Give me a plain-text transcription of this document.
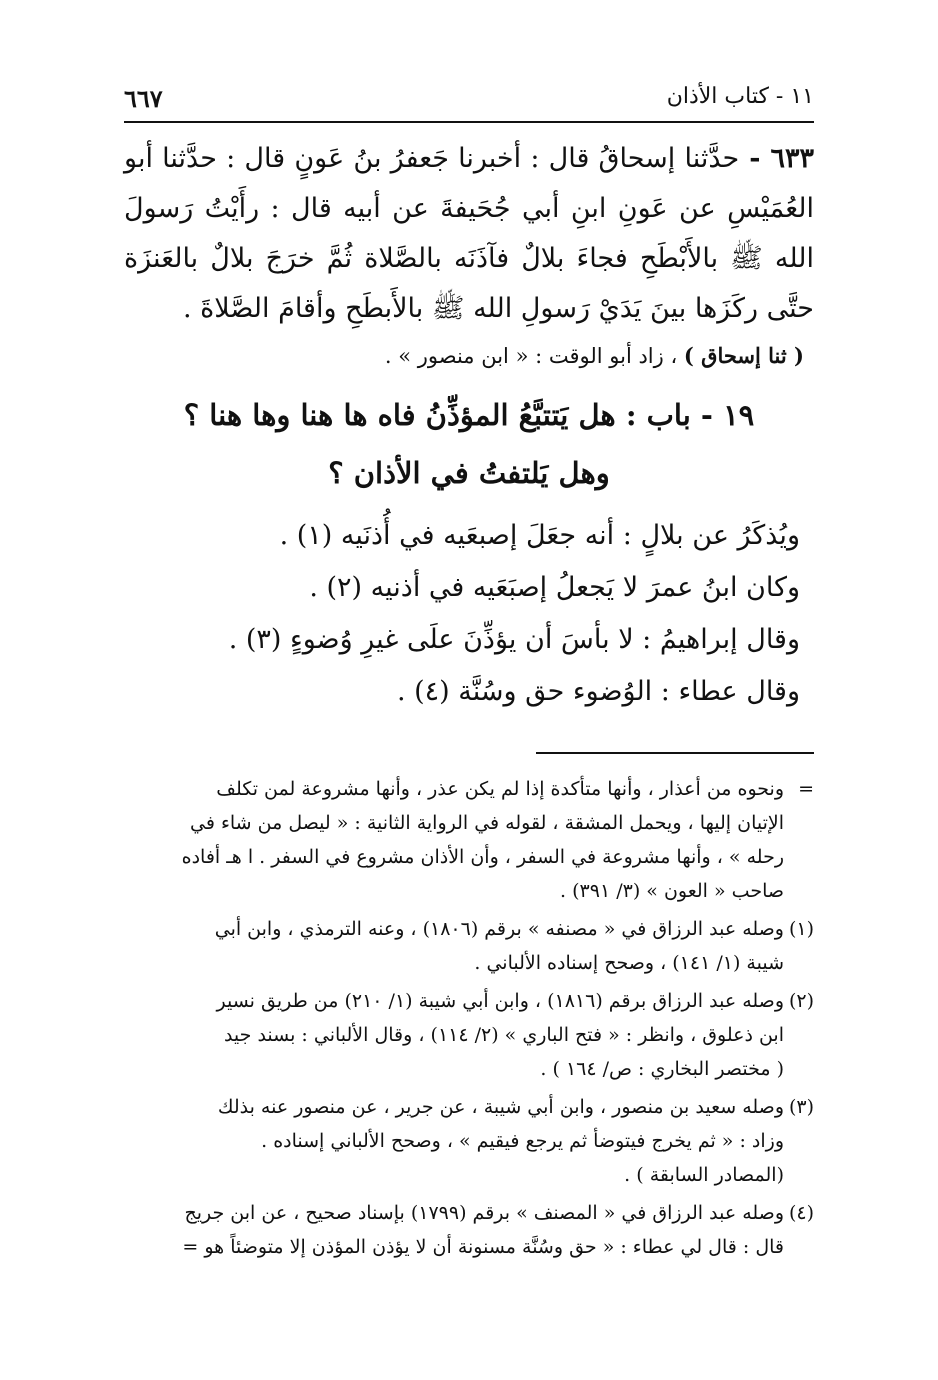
١١ - كتاب الأذان
٦٦٧

٦٣٣ - حدَّثنا إسحاقُ قال : أخبرنا جَعفرُ بنُ عَونٍ قال : حدَّثنا أبو العُمَيْسِ عن عَونِ ابنِ أبي جُحَيفةَ عن أبيه قال : رأَيْتُ رَسولَ الله ﷺ بالأَبْطَحِ فجاءَ بلالٌ فآذَنَه بالصَّلاة ثُمَّ خرَجَ بلالٌ بالعَنزَة حتَّى ركَزَها بينَ يَدَيْ رَسولِ الله ﷺ بالأَبطَحِ وأقامَ الصَّلاةَ .

( ثنا إسحاق ) ، زاد أبو الوقت : « ابن منصور » .

١٩ - باب : هل يَتتبَّعُ المؤذِّنُ فاه ها هنا وها هنا ؟

وهل يَلتفتُ في الأذان ؟

ويُذكَرُ عن بلالٍ : أنه جعَلَ إصبعَيه في أُذنَيه (١) .

وكان ابنُ عمرَ لا يَجعلُ إصبَعَيه في أذنيه (٢) .

وقال إبراهيمُ : لا بأسَ أن يؤذِّنَ علَى غيرِ وُضوءٍ (٣) .

وقال عطاء : الوُضوء حق وسُنَّة (٤) .

=ونحوه من أعذار ، وأنها متأكدة إذا لم يكن عذر ، وأنها مشروعة لمن تكلف
الإتيان إليها ، ويحمل المشقة ، لقوله في الرواية الثانية : « ليصل من شاء في
رحله » ، وأنها مشروعة في السفر ، وأن الأذان مشروع في السفر . ا هـ أفاده
صاحب « العون » (٣/ ٣٩١) .
(١)وصله عبد الرزاق في « مصنفه » برقم (١٨٠٦) ، وعنه الترمذي ، وابن أبي
شيبة (١/ ١٤١) ، وصحح إسناده الألباني .
(٢)وصله عبد الرزاق برقم (١٨١٦) ، وابن أبي شيبة (١/ ٢١٠) من طريق نسير
ابن ذعلوق ، وانظر : « فتح الباري » (٢/ ١١٤) ، وقال الألباني : بسند جيد
( مختصر البخاري : ص/ ١٦٤ ) .
(٣)وصله سعيد بن منصور ، وابن أبي شيبة ، عن جرير ، عن منصور عنه بذلك
وزاد : « ثم يخرج فيتوضأ ثم يرجع فيقيم » ، وصحح الألباني إسناده .
(المصادر السابقة ) .
(٤)وصله عبد الرزاق في « المصنف » برقم (١٧٩٩) بإسناد صحيح ، عن ابن جريج
قال : قال لي عطاء : « حق وسُنَّة مسنونة أن لا يؤذن المؤذن إلا متوضئاً هو =
